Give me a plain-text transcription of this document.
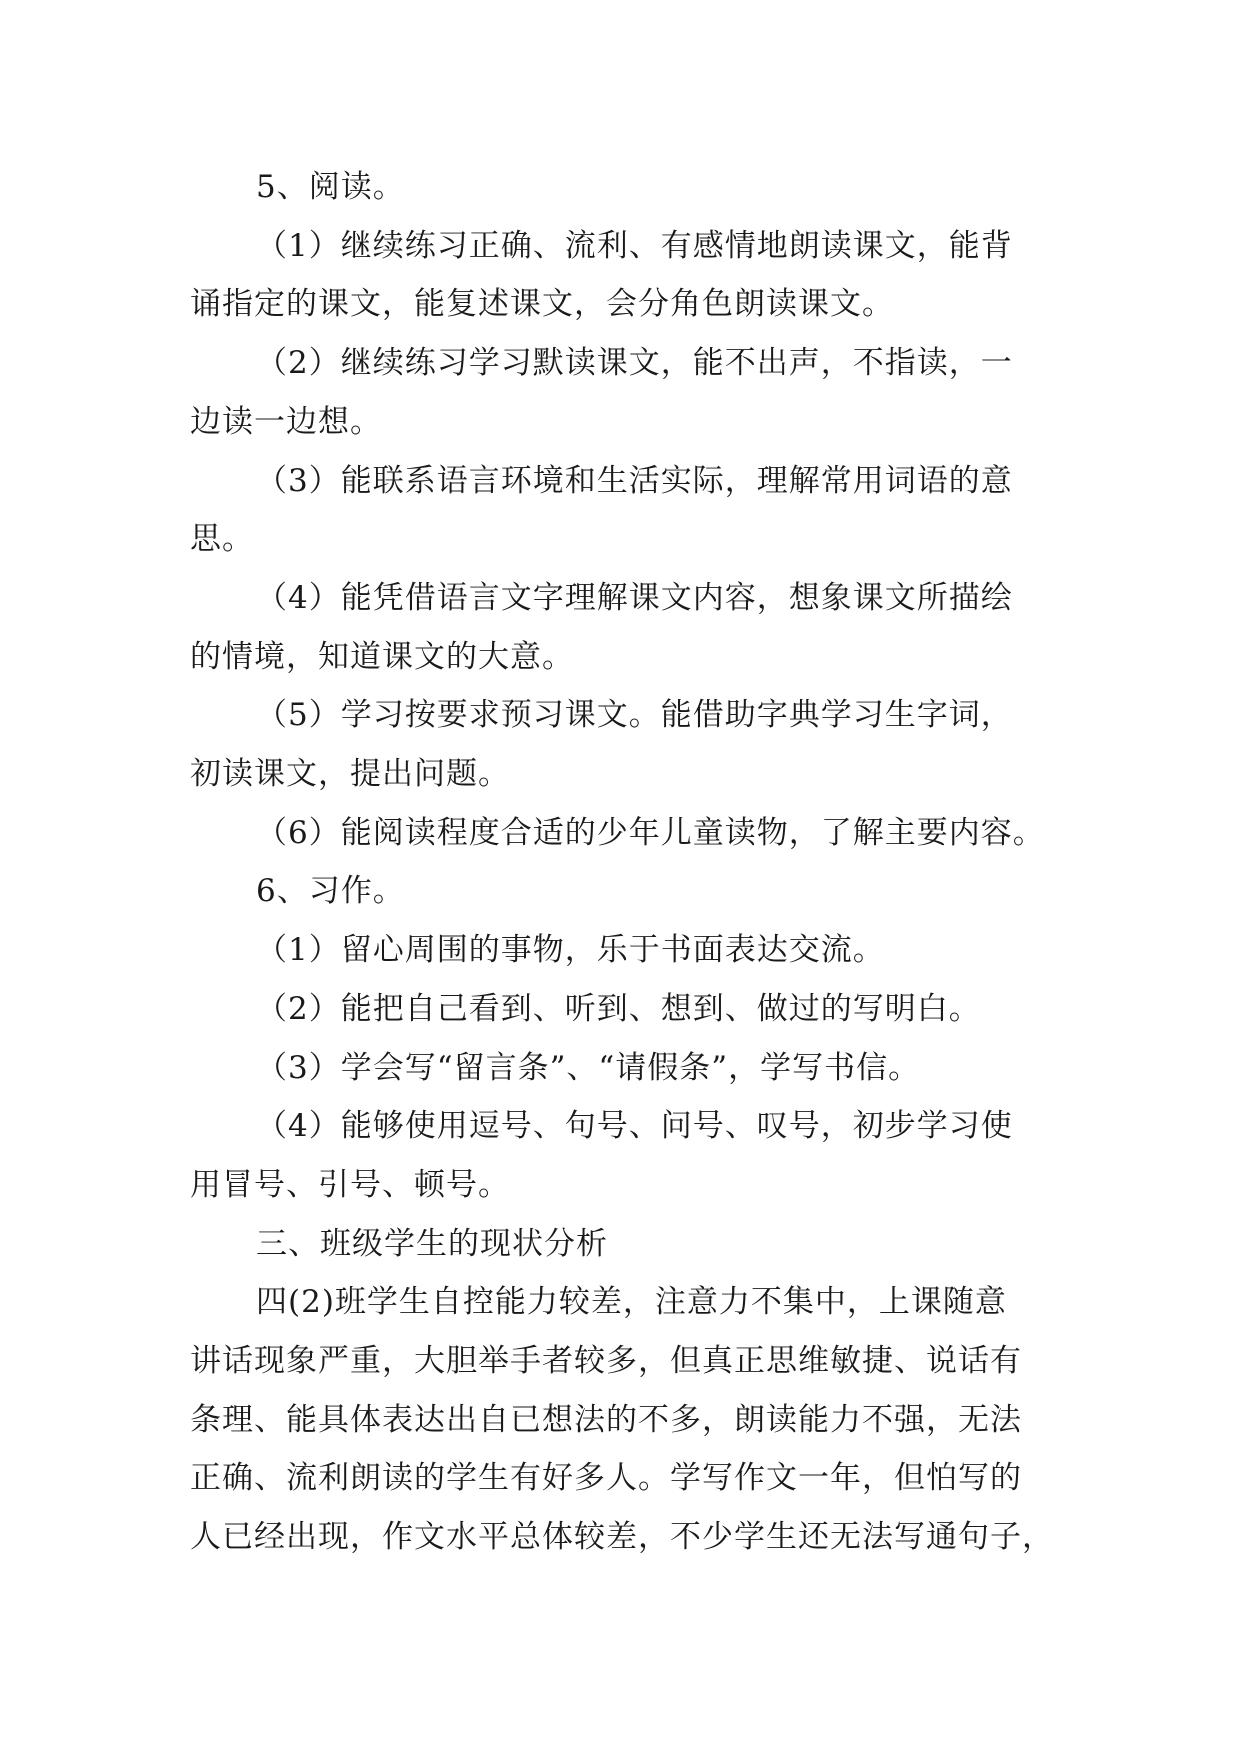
5、阅读。
（1）继续练习正确、流利、有感情地朗读课文，能背
诵指定的课文，能复述课文，会分角色朗读课文。
（2）继续练习学习默读课文，能不出声，不指读，一
边读一边想。
（3）能联系语言环境和生活实际，理解常用词语的意
思。
（4）能凭借语言文字理解课文内容，想象课文所描绘
的情境，知道课文的大意。
（5）学习按要求预习课文。能借助字典学习生字词，
初读课文，提出问题。
（6）能阅读程度合适的少年儿童读物，了解主要内容。
6、习作。
（1）留心周围的事物，乐于书面表达交流。
（2）能把自己看到、听到、想到、做过的写明白。
（3）学会写“留言条”、“请假条”，学写书信。
（4）能够使用逗号、句号、问号、叹号，初步学习使
用冒号、引号、顿号。
三、班级学生的现状分析
四(2)班学生自控能力较差，注意力不集中，上课随意
讲话现象严重，大胆举手者较多，但真正思维敏捷、说话有
条理、能具体表达出自已想法的不多，朗读能力不强，无法
正确、流利朗读的学生有好多人。学写作文一年，但怕写的
人已经出现，作文水平总体较差，不少学生还无法写通句子，
